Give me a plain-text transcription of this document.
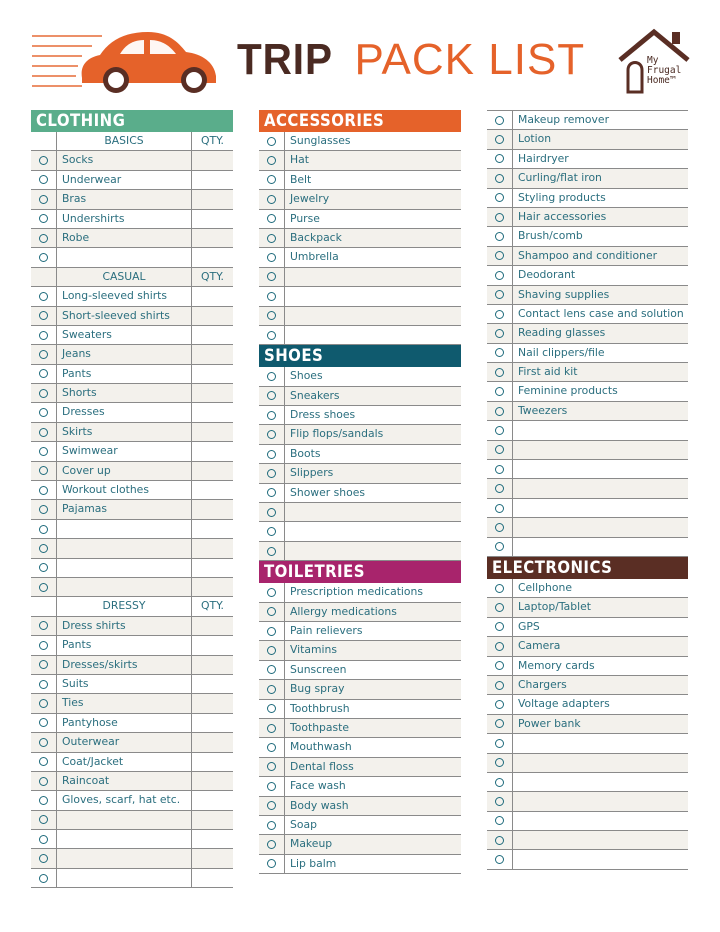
TRIP PACK LIST	My
Frugal
Home™
CLOTHING
BASICS	QTY.
Socks
Underwear
Bras
Undershirts
Robe
CASUAL	QTY.
Long-sleeved shirts
Short-sleeved shirts
Sweaters
Jeans
Pants
Shorts
Dresses
Skirts
Swimwear
Cover up
Workout clothes
Pajamas
DRESSY	QTY.
Dress shirts
Pants
Dresses/skirts
Suits
Ties
Pantyhose
Outerwear
Coat/Jacket
Raincoat
Gloves, scarf, hat etc.
ACCESSORIES
Sunglasses
Hat
Belt
Jewelry
Purse
Backpack
Umbrella
SHOES
Shoes
Sneakers
Dress shoes
Flip flops/sandals
Boots
Slippers
Shower shoes
TOILETRIES
Prescription medications
Allergy medications
Pain relievers
Vitamins
Sunscreen
Bug spray
Toothbrush
Toothpaste
Mouthwash
Dental floss
Face wash
Body wash
Soap
Makeup
Lip balm
Makeup remover
Lotion
Hairdryer
Curling/flat iron
Styling products
Hair accessories
Brush/comb
Shampoo and conditioner
Deodorant
Shaving supplies
Contact lens case and solution
Reading glasses
Nail clippers/file
First aid kit
Feminine products
Tweezers
ELECTRONICS
Cellphone
Laptop/Tablet
GPS
Camera
Memory cards
Chargers
Voltage adapters
Power bank
